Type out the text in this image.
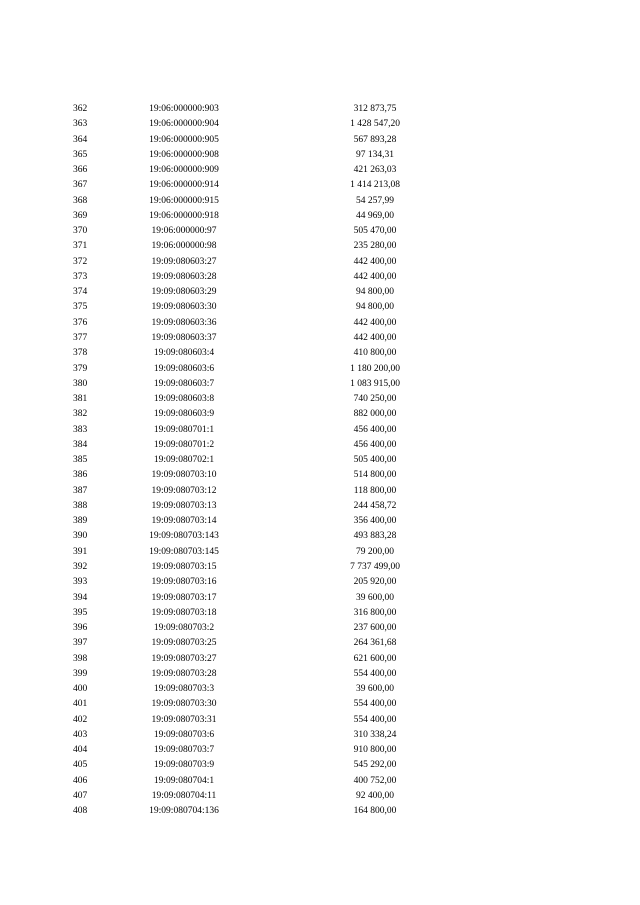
362	19:06:000000:903	312 873,75
363	19:06:000000:904	1 428 547,20
364	19:06:000000:905	567 893,28
365	19:06:000000:908	97 134,31
366	19:06:000000:909	421 263,03
367	19:06:000000:914	1 414 213,08
368	19:06:000000:915	54 257,99
369	19:06:000000:918	44 969,00
370	19:06:000000:97	505 470,00
371	19:06:000000:98	235 280,00
372	19:09:080603:27	442 400,00
373	19:09:080603:28	442 400,00
374	19:09:080603:29	94 800,00
375	19:09:080603:30	94 800,00
376	19:09:080603:36	442 400,00
377	19:09:080603:37	442 400,00
378	19:09:080603:4	410 800,00
379	19:09:080603:6	1 180 200,00
380	19:09:080603:7	1 083 915,00
381	19:09:080603:8	740 250,00
382	19:09:080603:9	882 000,00
383	19:09:080701:1	456 400,00
384	19:09:080701:2	456 400,00
385	19:09:080702:1	505 400,00
386	19:09:080703:10	514 800,00
387	19:09:080703:12	118 800,00
388	19:09:080703:13	244 458,72
389	19:09:080703:14	356 400,00
390	19:09:080703:143	493 883,28
391	19:09:080703:145	79 200,00
392	19:09:080703:15	7 737 499,00
393	19:09:080703:16	205 920,00
394	19:09:080703:17	39 600,00
395	19:09:080703:18	316 800,00
396	19:09:080703:2	237 600,00
397	19:09:080703:25	264 361,68
398	19:09:080703:27	621 600,00
399	19:09:080703:28	554 400,00
400	19:09:080703:3	39 600,00
401	19:09:080703:30	554 400,00
402	19:09:080703:31	554 400,00
403	19:09:080703:6	310 338,24
404	19:09:080703:7	910 800,00
405	19:09:080703:9	545 292,00
406	19:09:080704:1	400 752,00
407	19:09:080704:11	92 400,00
408	19:09:080704:136	164 800,00
